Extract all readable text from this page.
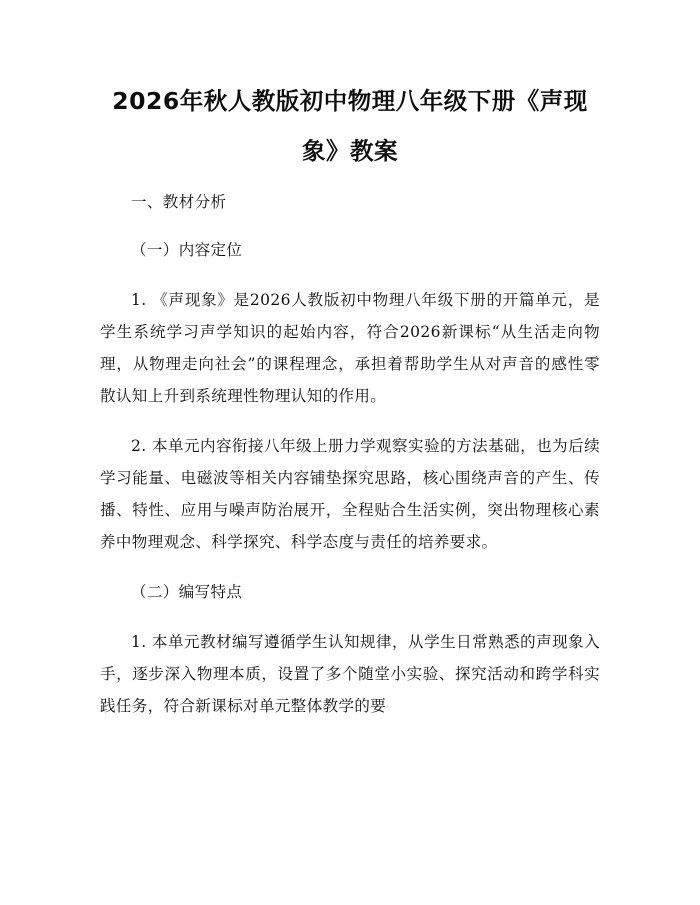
2026年秋人教版初中物理八年级下册《声现象》教案

一、教材分析

（一）内容定位

1. 《声现象》是2026人教版初中物理八年级下册的开篇单元，是学生系统学习声学知识的起始内容，符合2026新课标“从生活走向物理，从物理走向社会”的课程理念，承担着帮助学生从对声音的感性零散认知上升到系统理性物理认知的作用。

2. 本单元内容衔接八年级上册力学观察实验的方法基础，也为后续学习能量、电磁波等相关内容铺垫探究思路，核心围绕声音的产生、传播、特性、应用与噪声防治展开，全程贴合生活实例，突出物理核心素养中物理观念、科学探究、科学态度与责任的培养要求。

（二）编写特点

1. 本单元教材编写遵循学生认知规律，从学生日常熟悉的声现象入手，逐步深入物理本质，设置了多个随堂小实验、探究活动和跨学科实践任务，符合新课标对单元整体教学的要
